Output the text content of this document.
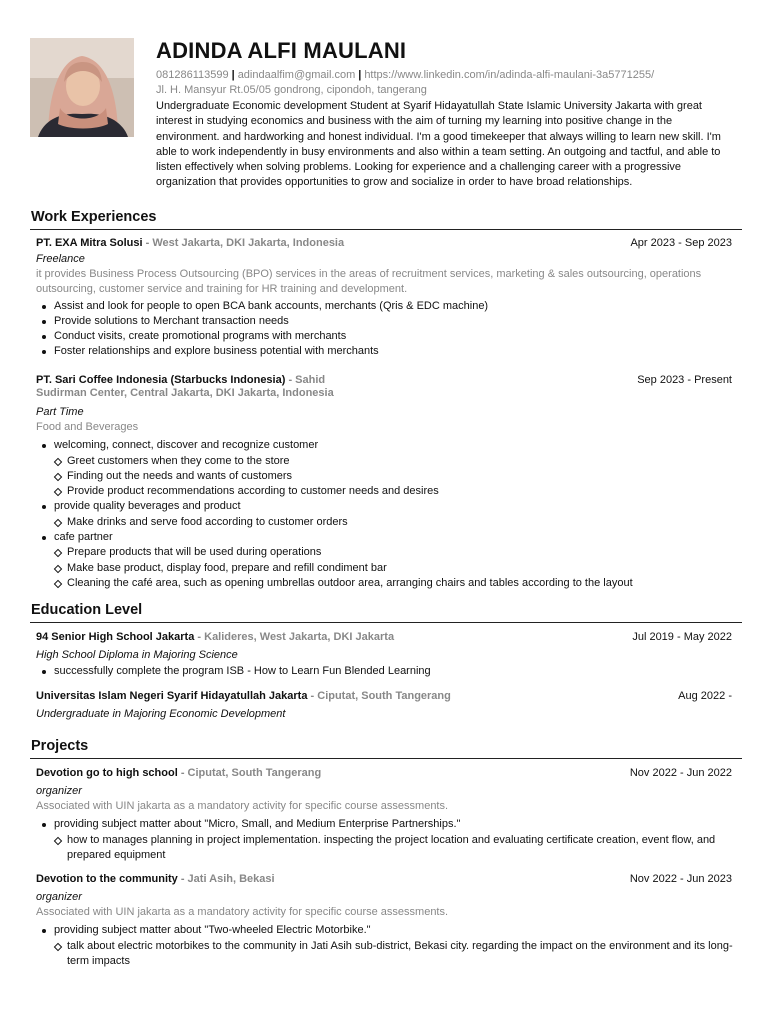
ADINDA ALFI MAULANI
081286113599 | adindaalfim@gmail.com | https://www.linkedin.com/in/adinda-alfi-maulani-3a5771255/
Jl. H. Mansyur Rt.05/05 gondrong, cipondoh, tangerang
Undergraduate Economic development Student at Syarif Hidayatullah State Islamic University Jakarta with great interest in studying economics and business with the aim of turning my learning into positive change in the environment. and hardworking and honest individual. I'm a good timekeeper that always willing to learn new skill. I'm able to work independently in busy environments and also within a team setting. An outgoing and tactful, and able to listen effectively when solving problems. Looking for experience and a challenging career with a progressive organization that provides opportunities to grow and socialize in order to have broad relationships.
Work Experiences
PT. EXA Mitra Solusi - West Jakarta, DKI Jakarta, Indonesia	Apr 2023 - Sep 2023
Freelance
it provides Business Process Outsourcing (BPO) services in the areas of recruitment services, marketing & sales outsourcing, operations outsourcing, customer service and training for HR training and development.
Assist and look for people to open BCA bank accounts, merchants (Qris & EDC machine)
Provide solutions to Merchant transaction needs
Conduct visits, create promotional programs with merchants
Foster relationships and explore business potential with merchants
PT. Sari Coffee Indonesia (Starbucks Indonesia) - Sahid	Sep 2023 - Present
Sudirman Center, Central Jakarta, DKI Jakarta, Indonesia
Part Time
Food and Beverages
welcoming, connect, discover and recognize customer
Greet customers when they come to the store
Finding out the needs and wants of customers
Provide product recommendations according to customer needs and desires
provide quality beverages and product
Make drinks and serve food according to customer orders
cafe partner
Prepare products that will be used during operations
Make base product, display food, prepare and refill condiment bar
Cleaning the café area, such as opening umbrellas outdoor area, arranging chairs and tables according to the layout
Education Level
94 Senior High School Jakarta - Kalideres, West Jakarta, DKI Jakarta	Jul 2019 - May 2022
High School Diploma in Majoring Science
successfully complete the program ISB - How to Learn Fun Blended Learning
Universitas Islam Negeri Syarif Hidayatullah Jakarta - Ciputat, South Tangerang	Aug 2022 -
Undergraduate in Majoring Economic Development
Projects
Devotion go to high school - Ciputat, South Tangerang	Nov 2022 - Jun 2022
organizer
Associated with UIN jakarta as a mandatory activity for specific course assessments.
providing subject matter about "Micro, Small, and Medium Enterprise Partnerships."
how to manages planning in project implementation. inspecting the project location and evaluating certificate creation, event flow, and prepared equipment
Devotion to the community - Jati Asih, Bekasi	Nov 2022 - Jun 2023
organizer
Associated with UIN jakarta as a mandatory activity for specific course assessments.
providing subject matter about "Two-wheeled Electric Motorbike."
talk about electric motorbikes to the community in Jati Asih sub-district, Bekasi city. regarding the impact on the environment and its long-term impacts
